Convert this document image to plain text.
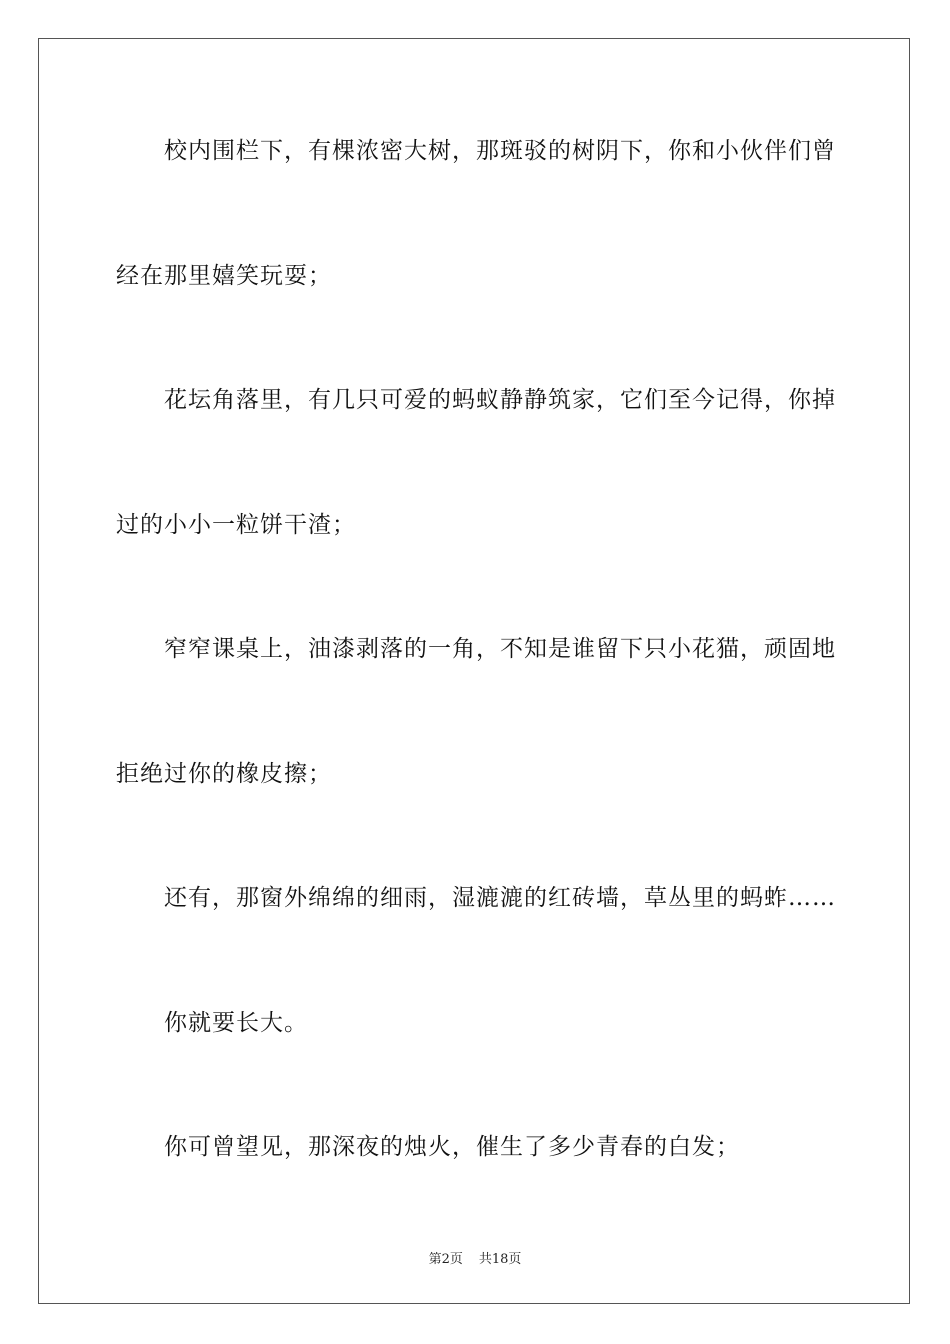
校内围栏下，有棵浓密大树，那斑驳的树阴下，你和小伙伴们曾

经在那里嬉笑玩耍；

花坛角落里，有几只可爱的蚂蚁静静筑家，它们至今记得，你掉

过的小小一粒饼干渣；

窄窄课桌上，油漆剥落的一角，不知是谁留下只小花猫，顽固地

拒绝过你的橡皮擦；

还有，那窗外绵绵的细雨，湿漉漉的红砖墙，草丛里的蚂蚱……

你就要长大。

你可曾望见，那深夜的烛火，催生了多少青春的白发；

第2页 共18页
